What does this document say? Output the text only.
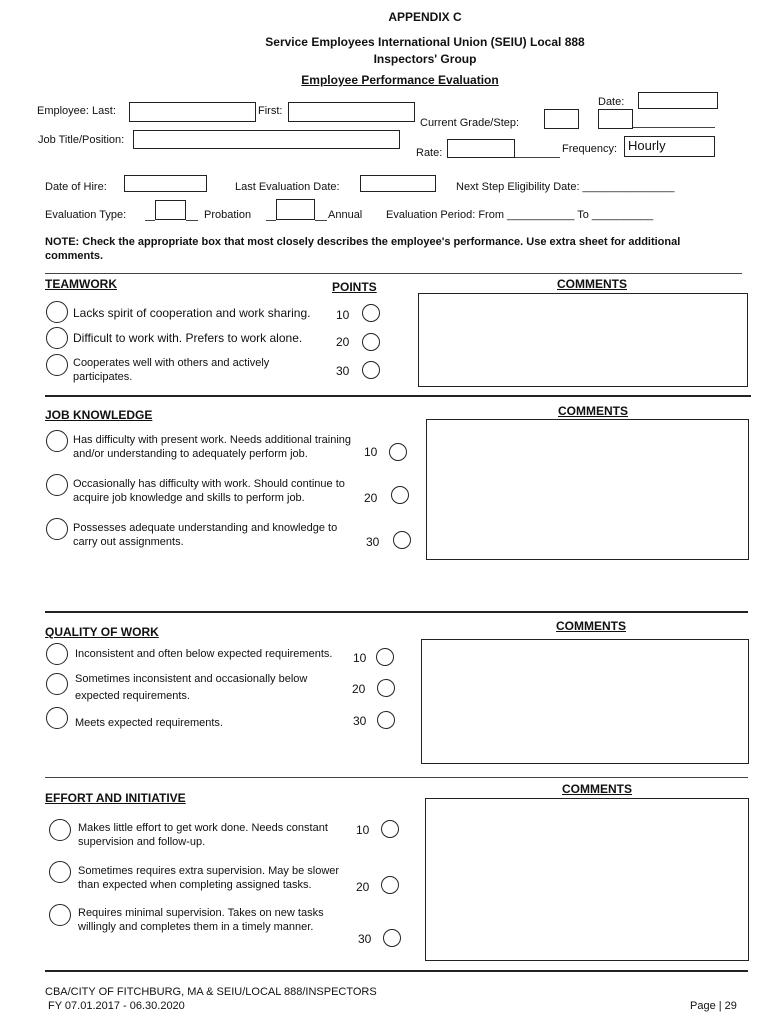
APPENDIX C
Service Employees International Union (SEIU) Local 888
Inspectors' Group
Employee Performance Evaluation
Employee: Last:	First:
Date:
Current Grade/Step:
Job Title/Position:
Rate:	Frequency: Hourly
Date of Hire:	Last Evaluation Date:	Next Step Eligibility Date: _______________
Evaluation Type:	Probation	Annual Evaluation Period: From ___________ To __________
NOTE: Check the appropriate box that most closely describes the employee's performance. Use extra sheet for additional comments.
TEAMWORK	POINTS	COMMENTS
Lacks spirit of cooperation and work sharing. 10
Difficult to work with. Prefers to work alone.	20
Cooperates well with others and actively participates.	30
JOB KNOWLEDGE	COMMENTS
Has difficulty with present work. Needs additional training and/or understanding to adequately perform job.	10
Occasionally has difficulty with work. Should continue to acquire job knowledge and skills to perform job.	20
Possesses adequate understanding and knowledge to carry out assignments.	30
QUALITY OF WORK	COMMENTS
Inconsistent and often below expected requirements. 10
Sometimes inconsistent and occasionally below expected requirements.	20
Meets expected requirements.	30
EFFORT AND INITIATIVE
COMMENTS
Makes little effort to get work done. Needs constant supervision and follow-up.
10
Sometimes requires extra supervision. May be slower than expected when completing assigned tasks.	20
Requires minimal supervision. Takes on new tasks willingly and completes them in a timely manner.
30
CBA/CITY OF FITCHBURG, MA & SEIU/LOCAL 888/INSPECTORS
FY 07.01.2017 - 06.30.2020	Page | 29
